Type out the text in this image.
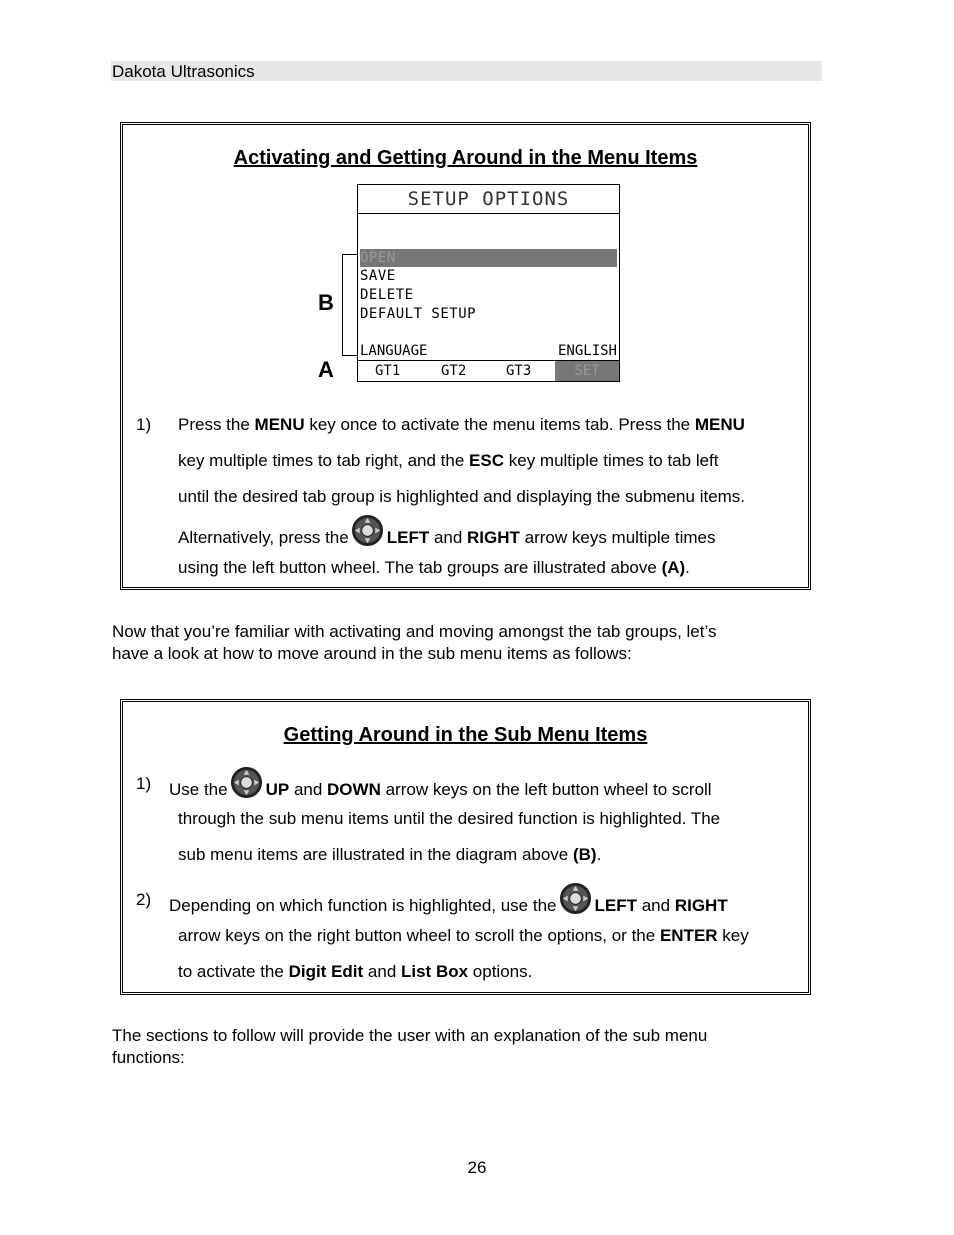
Dakota Ultrasonics
Activating and Getting Around in the Menu Items
1) Press the MENU key once to activate the menu items tab. Press the MENU
key multiple times to tab right, and the ESC key multiple times to tab left
until the desired tab group is highlighted and displaying the submenu items.
Alternatively, press the LEFT and RIGHT arrow keys multiple times
using the left button wheel. The tab groups are illustrated above (A).
B
A
SETUP OPTIONS
OPEN
SAVE
DELETE
DEFAULT SETUP
LANGUAGE	ENGLISH
GT1	GT2	GT3	SET
Now that you’re familiar with activating and moving amongst the tab groups, let’s
have a look at how to move around in the sub menu items as follows:
Getting Around in the Sub Menu Items
1) Use the UP and DOWN arrow keys on the left button wheel to scroll
through the sub menu items until the desired function is highlighted. The
sub menu items are illustrated in the diagram above (B).
2) Depending on which function is highlighted, use the LEFT and RIGHT
arrow keys on the right button wheel to scroll the options, or the ENTER key
to activate the Digit Edit and List Box options.
The sections to follow will provide the user with an explanation of the sub menu
functions:
26
